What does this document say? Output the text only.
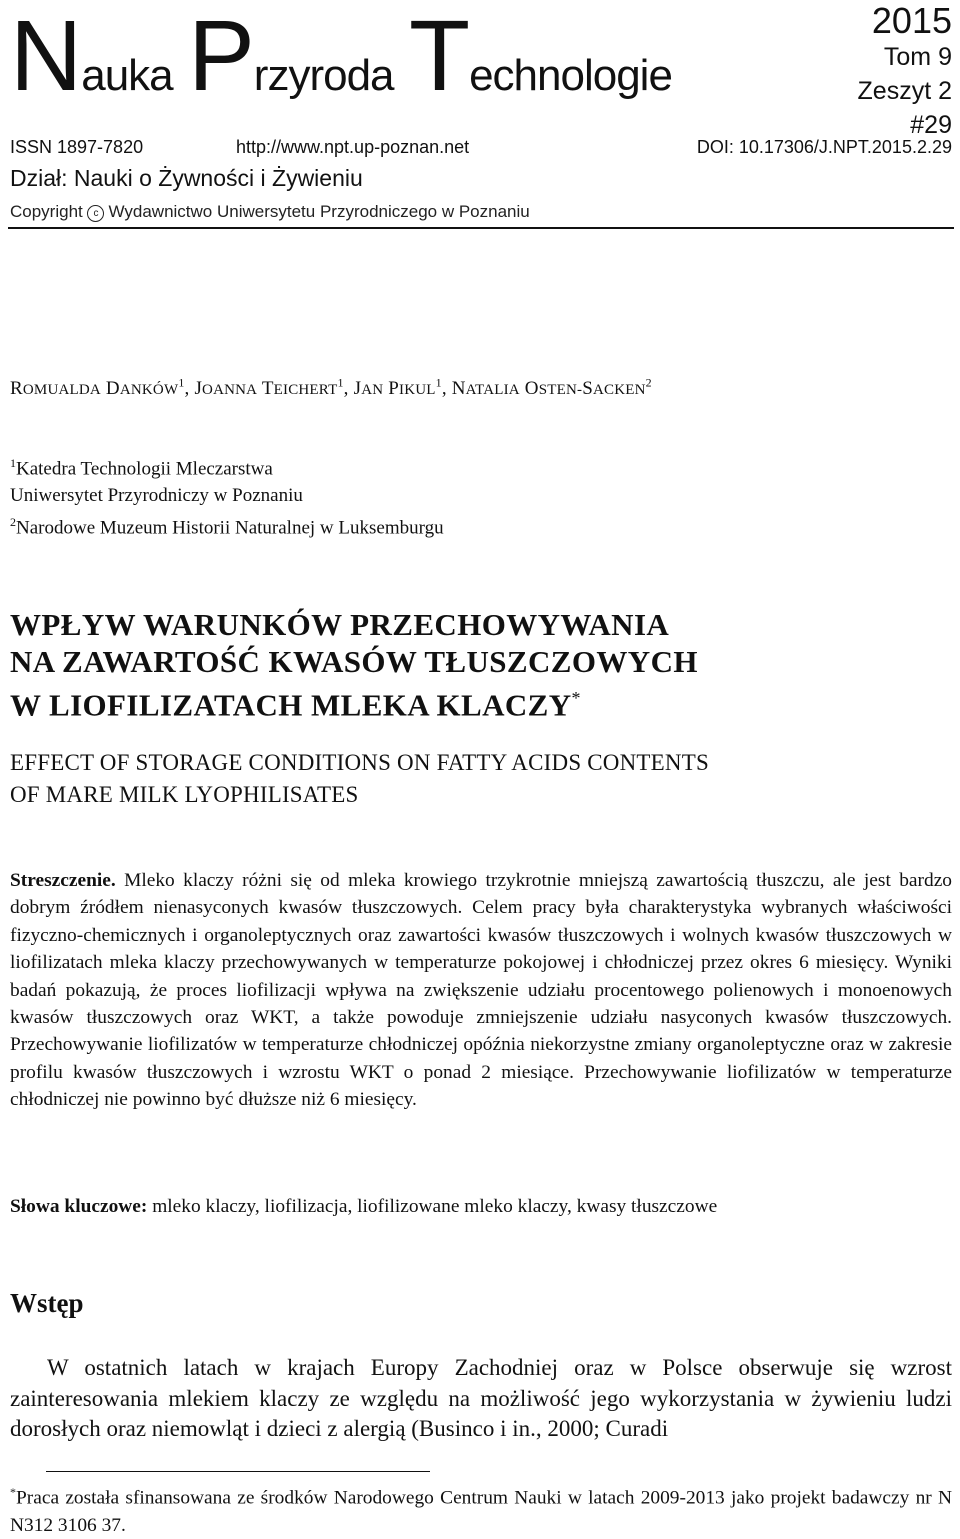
Nauka Przyroda Technologie
2015
Tom 9
Zeszyt 2
#29
ISSN 1897-7820	http://www.npt.up-poznan.net	DOI: 10.17306/J.NPT.2015.2.29
Dział: Nauki o Żywności i Żywieniu
Copyright c Wydawnictwo Uniwersytetu Przyrodniczego w Poznaniu
ROMUALDA DANKÓW$^1$, JOANNA TEICHERT$^1$, JAN PIKUL$^1$, NATALIA OSTEN-SACKEN$^2$
$^1$Katedra Technologii Mleczarstwa
Uniwersytet Przyrodniczy w Poznaniu
$^2$Narodowe Muzeum Historii Naturalnej w Luksemburgu
WPŁYW WARUNKÓW PRZECHOWYWANIA
NA ZAWARTOŚĆ KWASÓW TŁUSZCZOWYCH
W LIOFILIZATACH MLEKA KLACZY*
EFFECT OF STORAGE CONDITIONS ON FATTY ACIDS CONTENTS
OF MARE MILK LYOPHILISATES
Streszczenie. Mleko klaczy różni się od mleka krowiego trzykrotnie mniejszą zawartością tłuszczu, ale jest bardzo dobrym źródłem nienasyconych kwasów tłuszczowych. Celem pracy była charakterystyka wybranych właściwości fizyczno-chemicznych i organoleptycznych oraz zawartości kwasów tłuszczowych i wolnych kwasów tłuszczowych w liofilizatach mleka klaczy przechowywanych w temperaturze pokojowej i chłodniczej przez okres 6 miesięcy. Wyniki badań pokazują, że proces liofilizacji wpływa na zwiększenie udziału procentowego polienowych i monoenowych kwasów tłuszczowych oraz WKT, a także powoduje zmniejszenie udziału nasyconych kwasów tłuszczowych. Przechowywanie liofilizatów w temperaturze chłodniczej opóźnia niekorzystne zmiany organoleptyczne oraz w zakresie profilu kwasów tłuszczowych i wzrostu WKT o ponad 2 miesiące. Przechowywanie liofilizatów w temperaturze chłodniczej nie powinno być dłuższe niż 6 miesięcy.
Słowa kluczowe: mleko klaczy, liofilizacja, liofilizowane mleko klaczy, kwasy tłuszczowe
Wstęp
W ostatnich latach w krajach Europy Zachodniej oraz w Polsce obserwuje się wzrost zainteresowania mlekiem klaczy ze względu na możliwość jego wykorzystania w żywieniu ludzi dorosłych oraz niemowląt i dzieci z alergią (Businco i in., 2000; Curadi
*Praca została sfinansowana ze środków Narodowego Centrum Nauki w latach 2009-2013 jako projekt badawczy nr N N312 3106 37.
